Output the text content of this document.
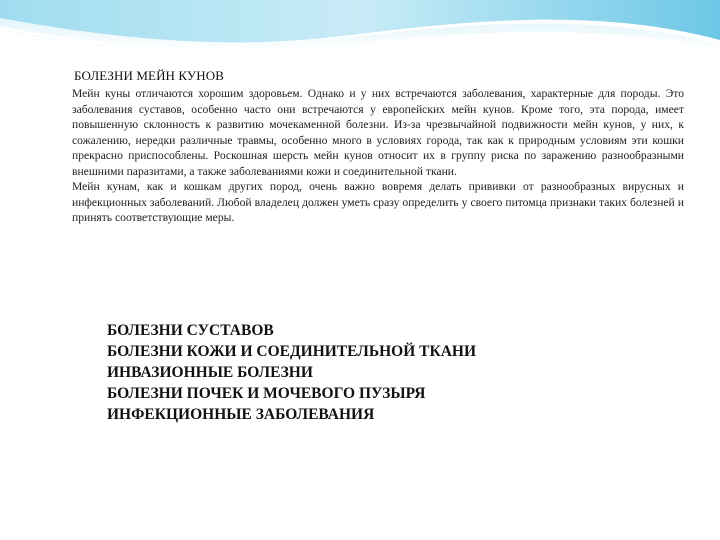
БОЛЕЗНИ МЕЙН КУНОВ

Мейн куны отличаются хорошим здоровьем. Однако и у них встречаются заболевания, характерные для породы. Это заболевания суставов, особенно часто они встречаются у европейских мейн кунов. Кроме того, эта порода, имеет повышенную склонность к развитию мочекаменной болезни. Из-за чрезвычайной подвижности мейн кунов, у них, к сожалению, нередки различные травмы, особенно много в условиях города, так как к природным условиям эти кошки прекрасно приспособлены. Роскошная шерсть мейн кунов относит их в группу риска по заражению разнообразными внешними паразитами, а также заболеваниями кожи и соединительной ткани.

Мейн кунам, как и кошкам других пород, очень важно вовремя делать прививки от разнообразных вирусных и инфекционных заболеваний. Любой владелец должен уметь сразу определить у своего питомца признаки таких болезней и принять соответствующие меры.

БОЛЕЗНИ СУСТАВОВ
БОЛЕЗНИ КОЖИ И СОЕДИНИТЕЛЬНОЙ ТКАНИ
ИНВАЗИОННЫЕ БОЛЕЗНИ
БОЛЕЗНИ ПОЧЕК И МОЧЕВОГО ПУЗЫРЯ
ИНФЕКЦИОННЫЕ ЗАБОЛЕВАНИЯ
